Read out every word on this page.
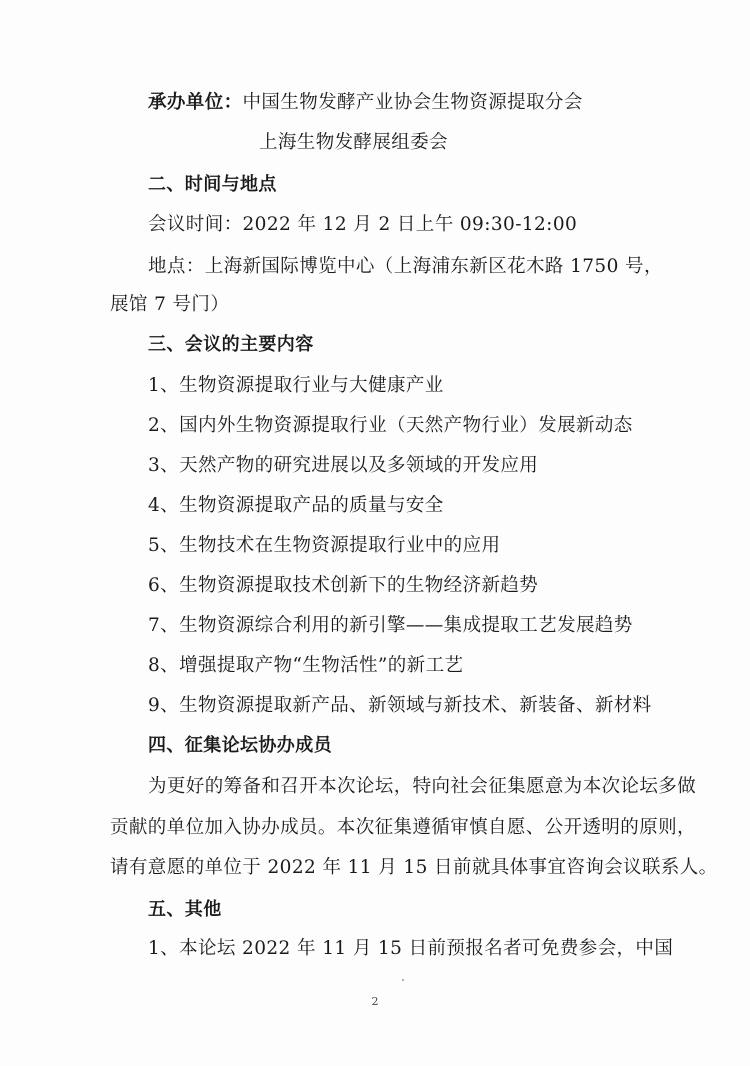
承办单位：中国生物发酵产业协会生物资源提取分会
上海生物发酵展组委会
二、时间与地点
会议时间：2022 年 12 月 2 日上午 09:30-12:00
地点：上海新国际博览中心（上海浦东新区花木路 1750 号，
展馆 7 号门）
三、会议的主要内容
1、生物资源提取行业与大健康产业
2、国内外生物资源提取行业（天然产物行业）发展新动态
3、天然产物的研究进展以及多领域的开发应用
4、生物资源提取产品的质量与安全
5、生物技术在生物资源提取行业中的应用
6、生物资源提取技术创新下的生物经济新趋势
7、生物资源综合利用的新引擎——集成提取工艺发展趋势
8、增强提取产物“生物活性”的新工艺
9、生物资源提取新产品、新领域与新技术、新装备、新材料
四、征集论坛协办成员
为更好的筹备和召开本次论坛，特向社会征集愿意为本次论坛多做
贡献的单位加入协办成员。本次征集遵循审慎自愿、公开透明的原则，
请有意愿的单位于 2022 年 11 月 15 日前就具体事宜咨询会议联系人。
五、其他
1、本论坛 2022 年 11 月 15 日前预报名者可免费参会，中国
2
